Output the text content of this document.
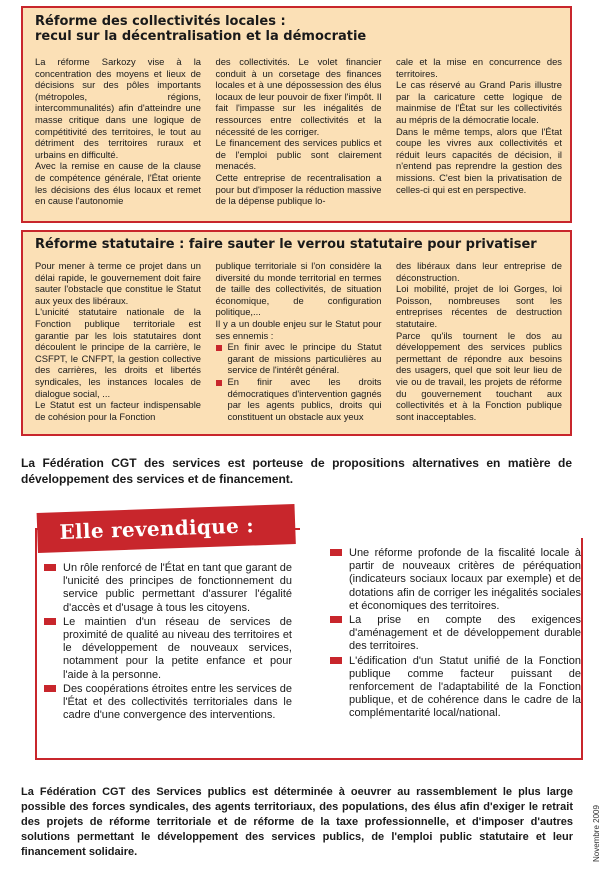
Réforme des collectivités locales :
recul sur la décentralisation et la démocratie

La réforme Sarkozy vise à la concentration des moyens et lieux de décisions sur des pôles importants (métropoles, régions, intercommunalités) afin d'atteindre une masse critique dans une logique de compétitivité des territoires, le tout au détriment des territoires ruraux et urbains en difficulté.

Avec la remise en cause de la clause de compétence générale, l'État oriente les décisions des élus locaux et remet en cause l'autonomie

des collectivités. Le volet financier conduit à un corsetage des finances locales et à une dépossession des élus locaux de leur pouvoir de fixer l'impôt. Il fait l'impasse sur les inégalités de ressources entre collectivités et la nécessité de les corriger.

Le financement des services publics et de l'emploi public sont clairement menacés.

Cette entreprise de recentralisation a pour but d'imposer la réduction massive de la dépense publique lo-

cale et la mise en concurrence des territoires.

Le cas réservé au Grand Paris illustre par la caricature cette logique de mainmise de l'État sur les collectivités au mépris de la démocratie locale.

Dans le même temps, alors que l'État coupe les vivres aux collectivités et réduit leurs capacités de décision, il n'entend pas reprendre la gestion des missions. C'est bien la privatisation de celles-ci qui est en perspective.

Réforme statutaire : faire sauter le verrou statutaire pour privatiser

Pour mener à terme ce projet dans un délai rapide, le gouvernement doit faire sauter l'obstacle que constitue le Statut aux yeux des libéraux.

L'unicité statutaire nationale de la Fonction publique territoriale est garantie par les lois statutaires dont découlent le principe de la carrière, le CSFPT, le CNFPT, la gestion collective des carrières, les droits et libertés syndicales, les instances locales de dialogue social, ...

Le Statut est un facteur indispensable de cohésion pour la Fonction

publique territoriale si l'on considère la diversité du monde territorial en termes de taille des collectivités, de situation économique, de configuration politique,...

Il y a un double enjeu sur le Statut pour ses ennemis :

En finir avec le principe du Statut garant de missions particulières au service de l'intérêt général.
En finir avec les droits démocratiques d'intervention gagnés par les agents publics, droits qui constituent un obstacle aux yeux

des libéraux dans leur entreprise de déconstruction.

Loi mobilité, projet de loi Gorges, loi Poisson, nombreuses sont les entreprises récentes de destruction statutaire.

Parce qu'ils tournent le dos au développement des services publics permettant de répondre aux besoins des usagers, quel que soit leur lieu de vie ou de travail, les projets de réforme du gouvernement touchant aux collectivités et à la Fonction publique sont inacceptables.

La Fédération CGT des services est porteuse de propositions alternatives en matière de développement des services et de financement.

Elle revendique :
Un rôle renforcé de l'État en tant que garant de l'unicité des principes de fonctionnement du service public permettant d'assurer l'égalité d'accès et d'usage à tous les citoyens.
Le maintien d'un réseau de services de proximité de qualité au niveau des territoires et le développement de nouveaux services, notamment pour la petite enfance et pour l'aide à la personne.
Des coopérations étroites entre les services de l'État et des collectivités territoriales dans le cadre d'une convergence des interventions.
Une réforme profonde de la fiscalité locale à partir de nouveaux critères de péréquation (indicateurs sociaux locaux par exemple) et de dotations afin de corriger les inégalités sociales et économiques des territoires.
La prise en compte des exigences d'aménagement et de développement durable des territoires.
L'édification d'un Statut unifié de la Fonction publique comme facteur puissant de renforcement de l'adaptabilité de la Fonction publique, et de cohérence dans le cadre de la complémentarité local/national.

La Fédération CGT des Services publics est déterminée à oeuvrer au rassemblement le plus large possible des forces syndicales, des agents territoriaux, des populations, des élus afin d'exiger le retrait des projets de réforme territoriale et de réforme de la taxe professionnelle, et d'imposer d'autres solutions permettant le développement des services publics, de l'emploi public statutaire et leur financement solidaire.	Novembre 2009
